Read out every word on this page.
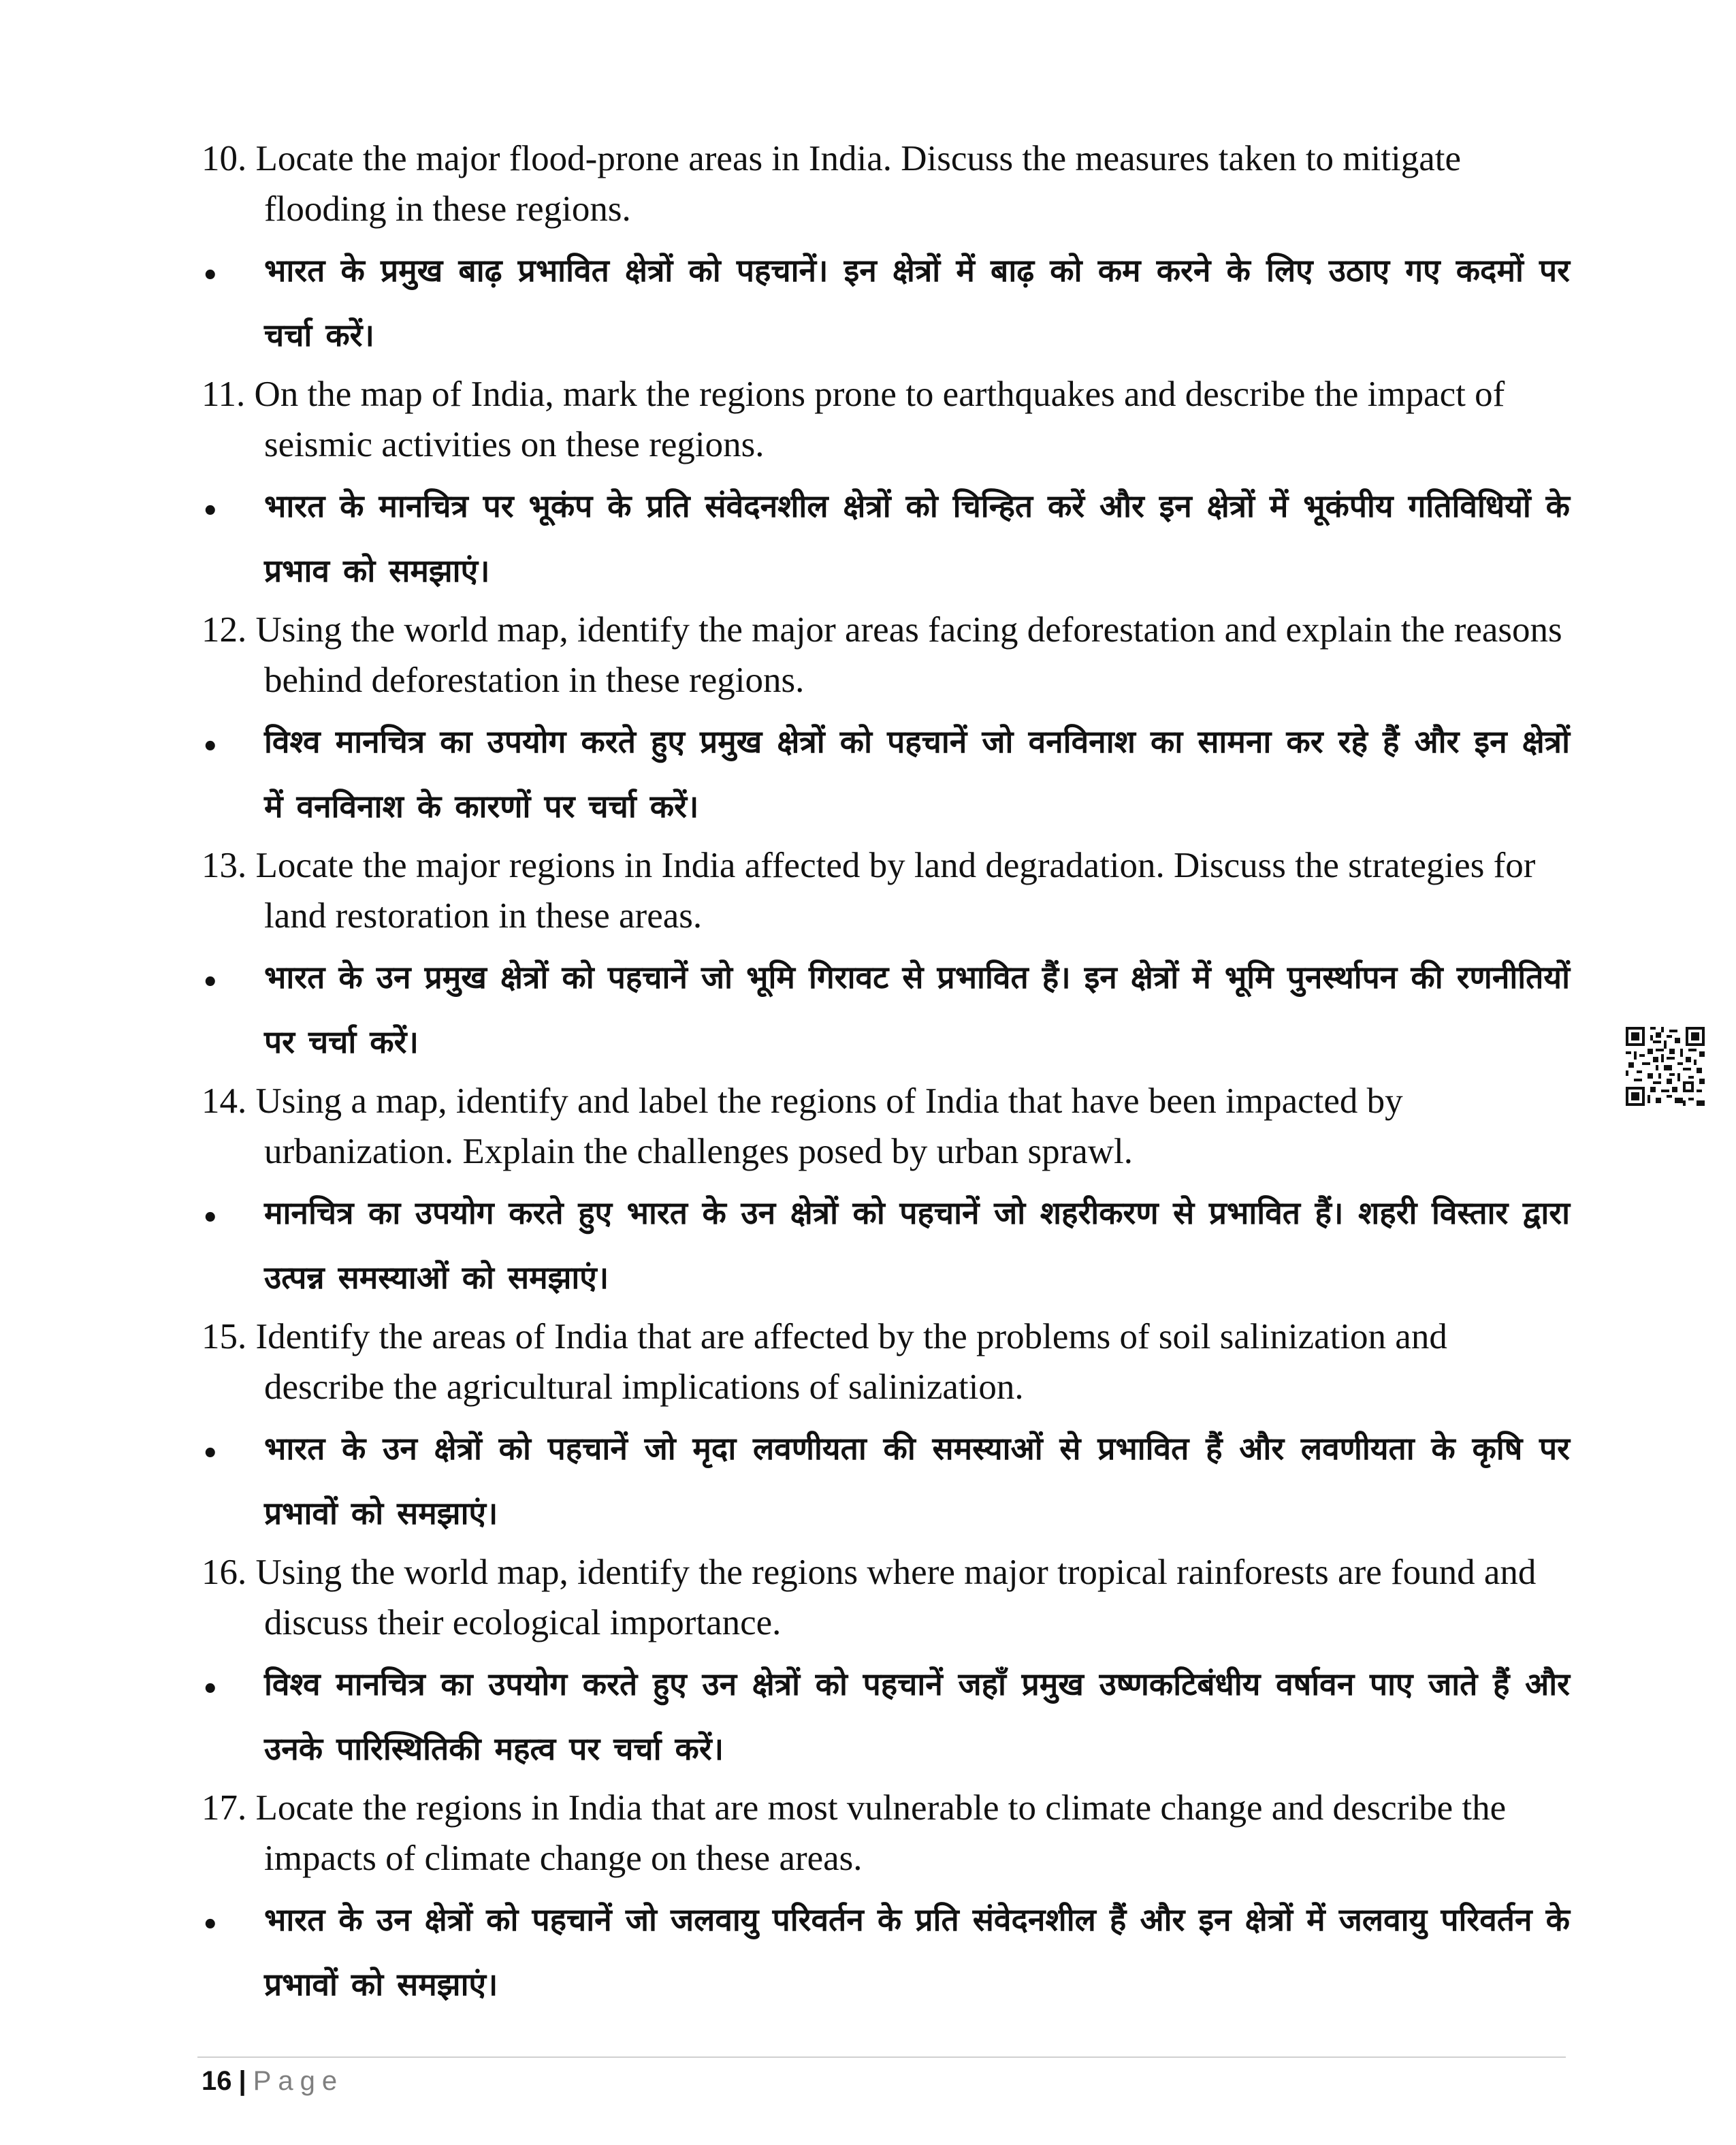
10. Locate the major flood-prone areas in India. Discuss the measures taken to mitigate flooding in these regions.

•	भारत के प्रमुख बाढ़ प्रभावित क्षेत्रों को पहचानें। इन क्षेत्रों में बाढ़ को कम करने के लिए उठाए गए कदमों पर चर्चा करें।

11. On the map of India, mark the regions prone to earthquakes and describe the impact of seismic activities on these regions.

•	भारत के मानचित्र पर भूकंप के प्रति संवेदनशील क्षेत्रों को चिन्हित करें और इन क्षेत्रों में भूकंपीय गतिविधियों के प्रभाव को समझाएं।

12. Using the world map, identify the major areas facing deforestation and explain the reasons behind deforestation in these regions.

•	विश्व मानचित्र का उपयोग करते हुए प्रमुख क्षेत्रों को पहचानें जो वनविनाश का सामना कर रहे हैं और इन क्षेत्रों में वनविनाश के कारणों पर चर्चा करें।

13. Locate the major regions in India affected by land degradation. Discuss the strategies for land restoration in these areas.

•	भारत के उन प्रमुख क्षेत्रों को पहचानें जो भूमि गिरावट से प्रभावित हैं। इन क्षेत्रों में भूमि पुनर्स्थापन की रणनीतियों पर चर्चा करें।

14. Using a map, identify and label the regions of India that have been impacted by urbanization. Explain the challenges posed by urban sprawl.

•	मानचित्र का उपयोग करते हुए भारत के उन क्षेत्रों को पहचानें जो शहरीकरण से प्रभावित हैं। शहरी विस्तार द्वारा उत्पन्न समस्याओं को समझाएं।

15. Identify the areas of India that are affected by the problems of soil salinization and describe the agricultural implications of salinization.

•	भारत के उन क्षेत्रों को पहचानें जो मृदा लवणीयता की समस्याओं से प्रभावित हैं और लवणीयता के कृषि पर प्रभावों को समझाएं।

16. Using the world map, identify the regions where major tropical rainforests are found and discuss their ecological importance.

•	विश्व मानचित्र का उपयोग करते हुए उन क्षेत्रों को पहचानें जहाँ प्रमुख उष्णकटिबंधीय वर्षावन पाए जाते हैं और उनके पारिस्थितिकी महत्व पर चर्चा करें।

17. Locate the regions in India that are most vulnerable to climate change and describe the impacts of climate change on these areas.

•	भारत के उन क्षेत्रों को पहचानें जो जलवायु परिवर्तन के प्रति संवेदनशील हैं और इन क्षेत्रों में जलवायु परिवर्तन के प्रभावों को समझाएं।
16 | Page
